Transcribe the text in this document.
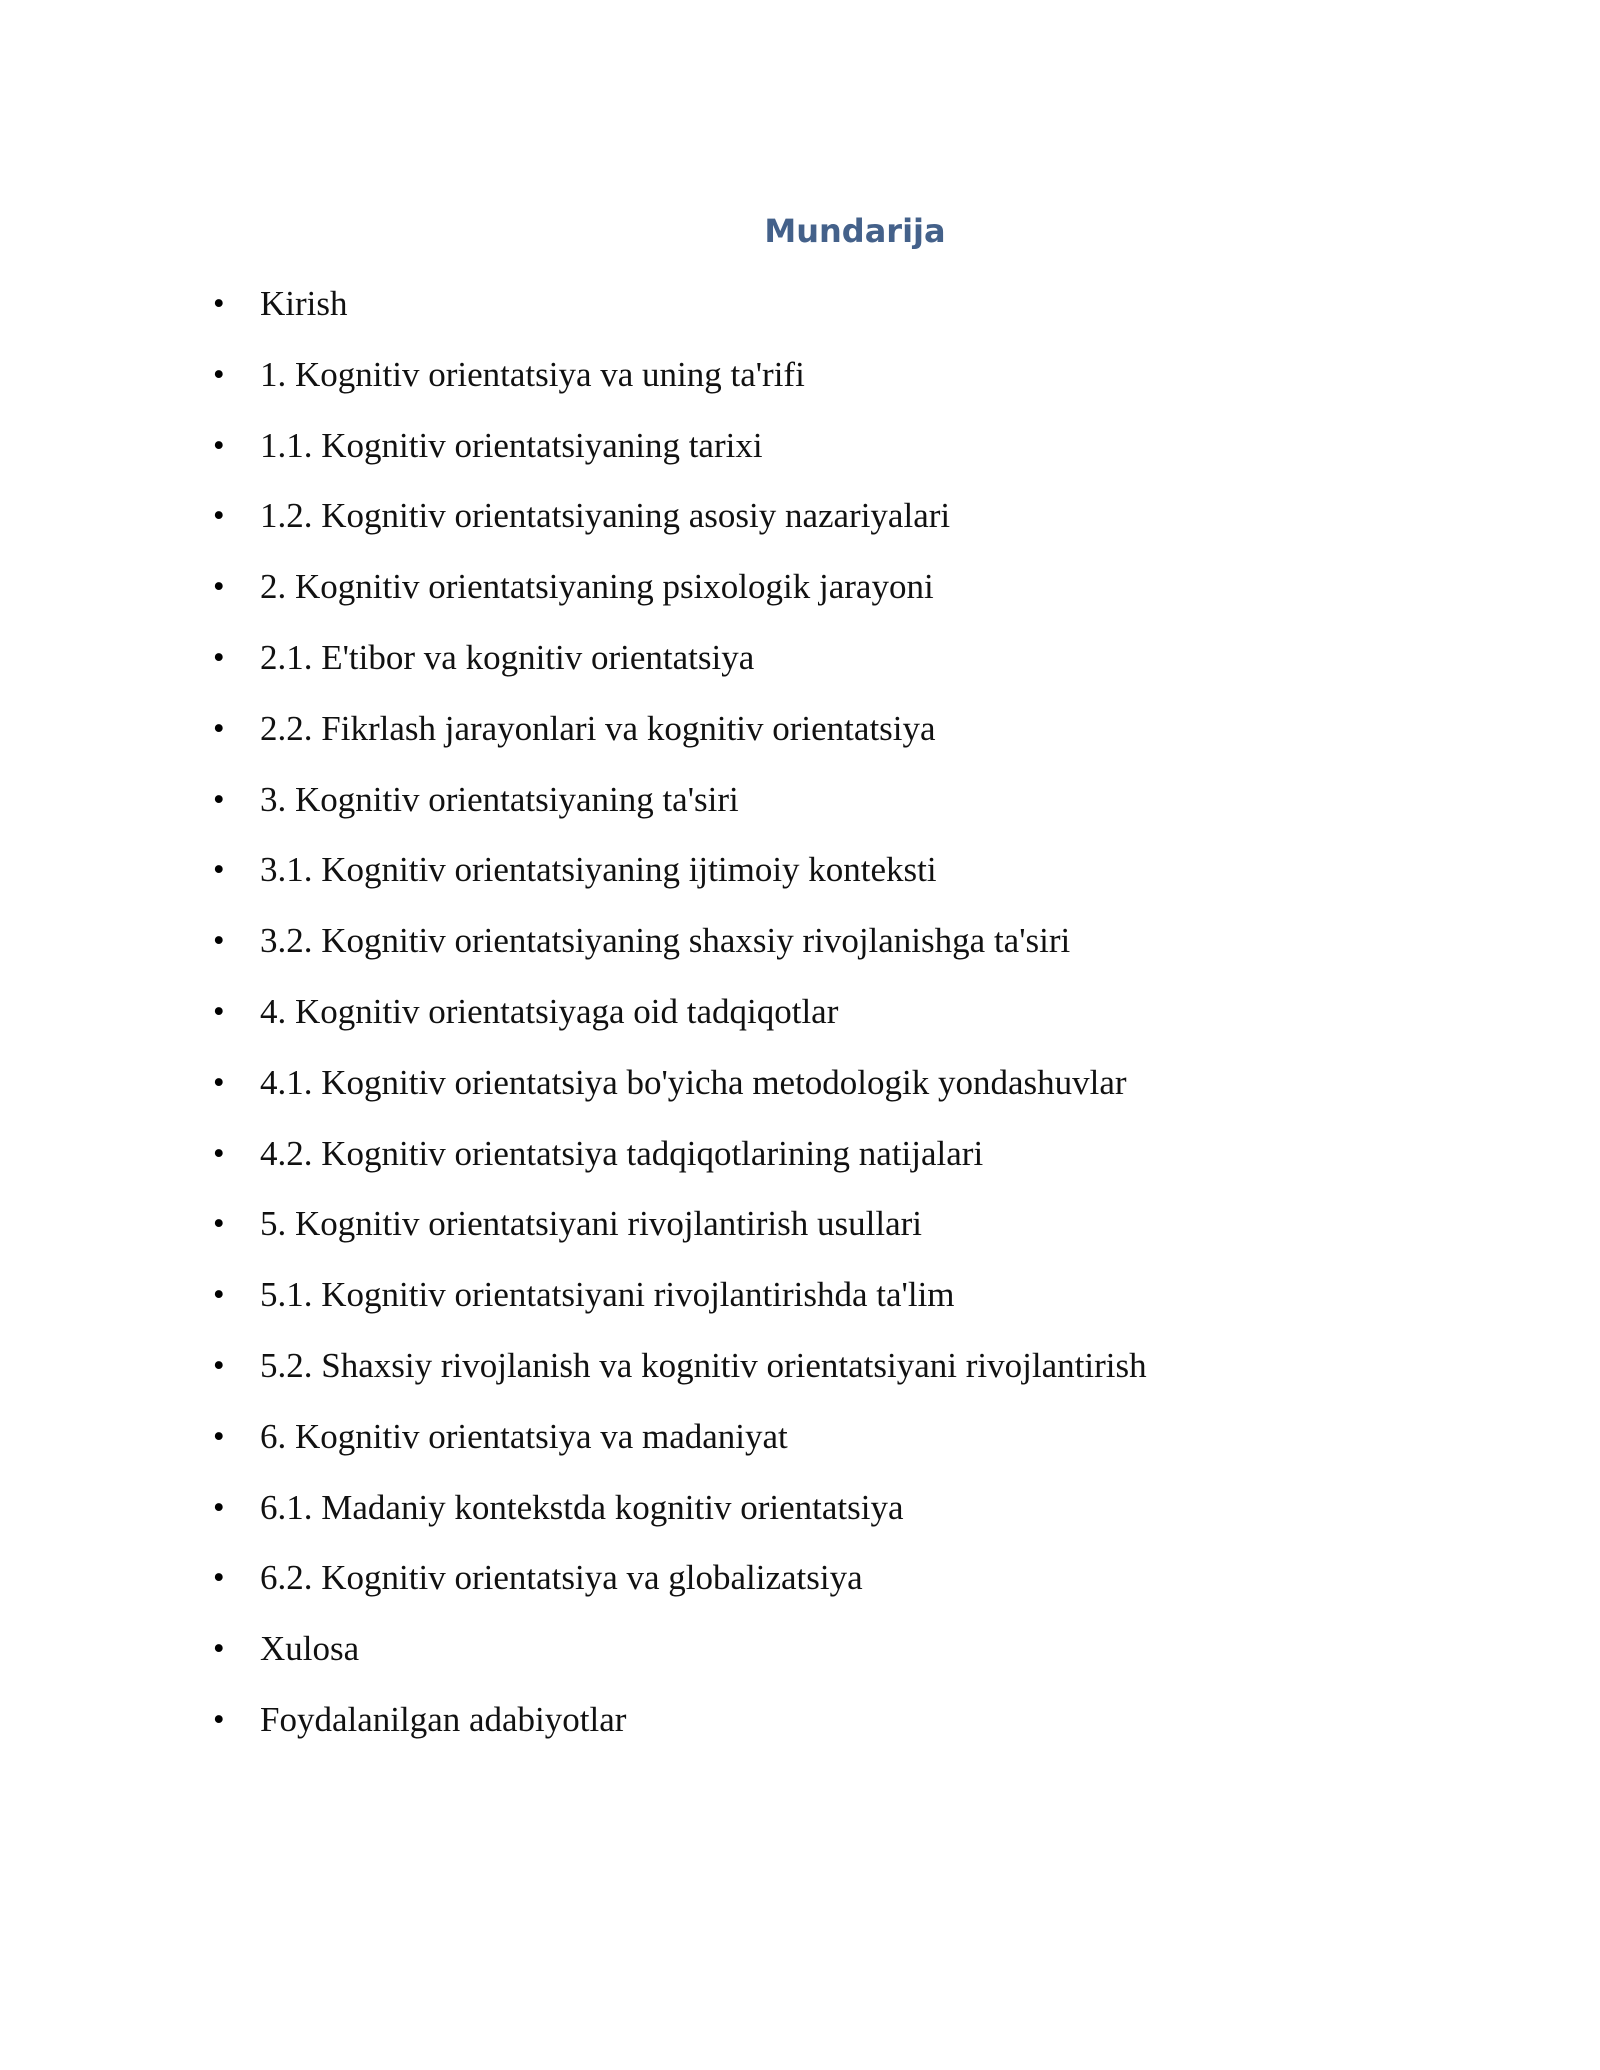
Mundarija
• Kirish
• 1. Kognitiv orientatsiya va uning ta'rifi
• 1.1. Kognitiv orientatsiyaning tarixi
• 1.2. Kognitiv orientatsiyaning asosiy nazariyalari
• 2. Kognitiv orientatsiyaning psixologik jarayoni
• 2.1. E'tibor va kognitiv orientatsiya
• 2.2. Fikrlash jarayonlari va kognitiv orientatsiya
• 3. Kognitiv orientatsiyaning ta'siri
• 3.1. Kognitiv orientatsiyaning ijtimoiy konteksti
• 3.2. Kognitiv orientatsiyaning shaxsiy rivojlanishga ta'siri
• 4. Kognitiv orientatsiyaga oid tadqiqotlar
• 4.1. Kognitiv orientatsiya bo'yicha metodologik yondashuvlar
• 4.2. Kognitiv orientatsiya tadqiqotlarining natijalari
• 5. Kognitiv orientatsiyani rivojlantirish usullari
• 5.1. Kognitiv orientatsiyani rivojlantirishda ta'lim
• 5.2. Shaxsiy rivojlanish va kognitiv orientatsiyani rivojlantirish
• 6. Kognitiv orientatsiya va madaniyat
• 6.1. Madaniy kontekstda kognitiv orientatsiya
• 6.2. Kognitiv orientatsiya va globalizatsiya
• Xulosa
• Foydalanilgan adabiyotlar
